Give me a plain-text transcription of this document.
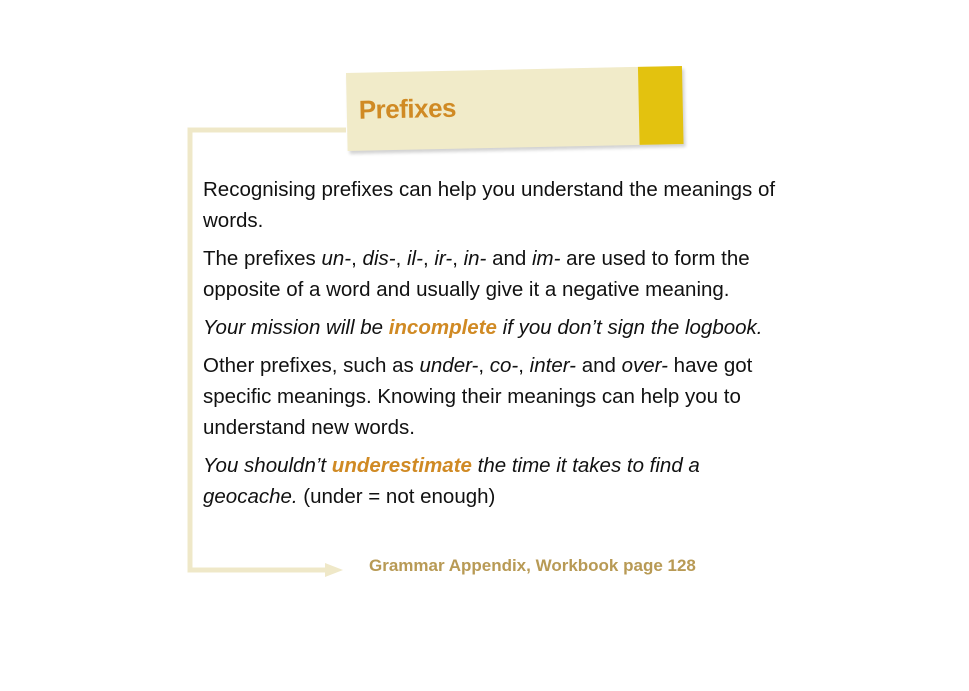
Prefixes

Recognising prefixes can help you understand the meanings of words.

The prefixes un-, dis-, il-, ir-, in- and im- are used to form the opposite of a word and usually give it a negative meaning.

Your mission will be incomplete if you don’t sign the logbook.

Other prefixes, such as under-, co-, inter- and over- have got specific meanings. Knowing their meanings can help you to understand new words.

You shouldn’t underestimate the time it takes to find a geocache. (under = not enough)

Grammar Appendix, Workbook page 128
